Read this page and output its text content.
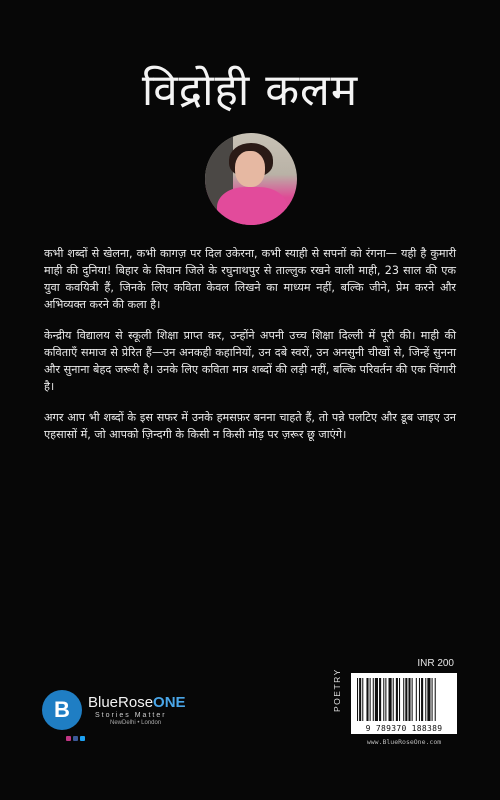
विद्रोही कलम

कभी शब्दों से खेलना, कभी कागज़ पर दिल उकेरना, कभी स्याही से सपनों को रंगना— यही है कुमारी माही की दुनिया! बिहार के सिवान जिले के रघुनाथपुर से ताल्लुक रखने वाली माही, 23 साल की एक युवा कवयित्री हैं, जिनके लिए कविता केवल लिखने का माध्यम नहीं, बल्कि जीने, प्रेम करने और अभिव्यक्त करने की कला है।

केन्द्रीय विद्यालय से स्कूली शिक्षा प्राप्त कर, उन्होंने अपनी उच्च शिक्षा दिल्ली में पूरी की। माही की कविताएँ समाज से प्रेरित हैं—उन अनकही कहानियों, उन दबे स्वरों, उन अनसुनी चीखों से, जिन्हें सुनना और सुनाना बेहद जरूरी है। उनके लिए कविता मात्र शब्दों की लड़ी नहीं, बल्कि परिवर्तन की एक चिंगारी है।

अगर आप भी शब्दों के इस सफर में उनके हमसफ़र बनना चाहते हैं, तो पन्ने पलटिए और डूब जाइए उन एहसासों में, जो आपको ज़िन्दगी के किसी न किसी मोड़ पर ज़रूर छू जाएंगे।

INR 200
POETRY
9 789370 188389
www.BlueRoseOne.com
B BlueRoseONE
Stories Matter
NewDelhi • London
